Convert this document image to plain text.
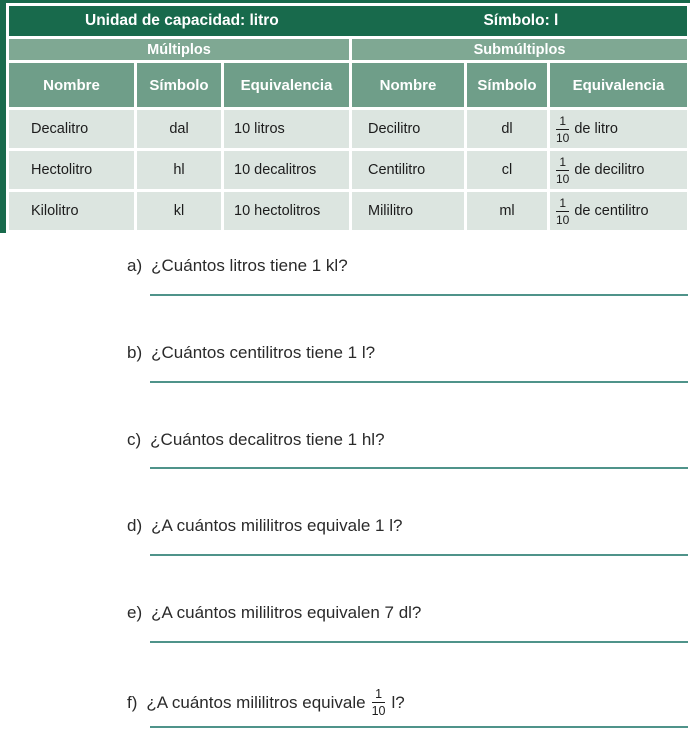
Unidad de capacidad: litro Símbolo: l					

Múltiplos			Submúltiplos		
Nombre	Símbolo	Equivalencia	Nombre	Símbolo	Equivalencia
Decalitro	dal	10 litros	Decilitro	dl	$\frac{1}{10}$ de litro

Hectolitro	hl	10 decalitros	Centilitro	cl	$\frac{1}{10}$ de decilitro

Kilolitro	kl	10 hectolitros	Mililitro	ml	$\frac{1}{10}$ de centilitro
a) ¿Cuántos litros tiene 1 kl?
b) ¿Cuántos centilitros tiene 1 l?
c) ¿Cuántos decalitros tiene 1 hl?
d) ¿A cuántos mililitros equivale 1 l?
e) ¿A cuántos mililitros equivalen 7 dl?
f) ¿A cuántos mililitros equivale $\frac{1}{10} l$?
